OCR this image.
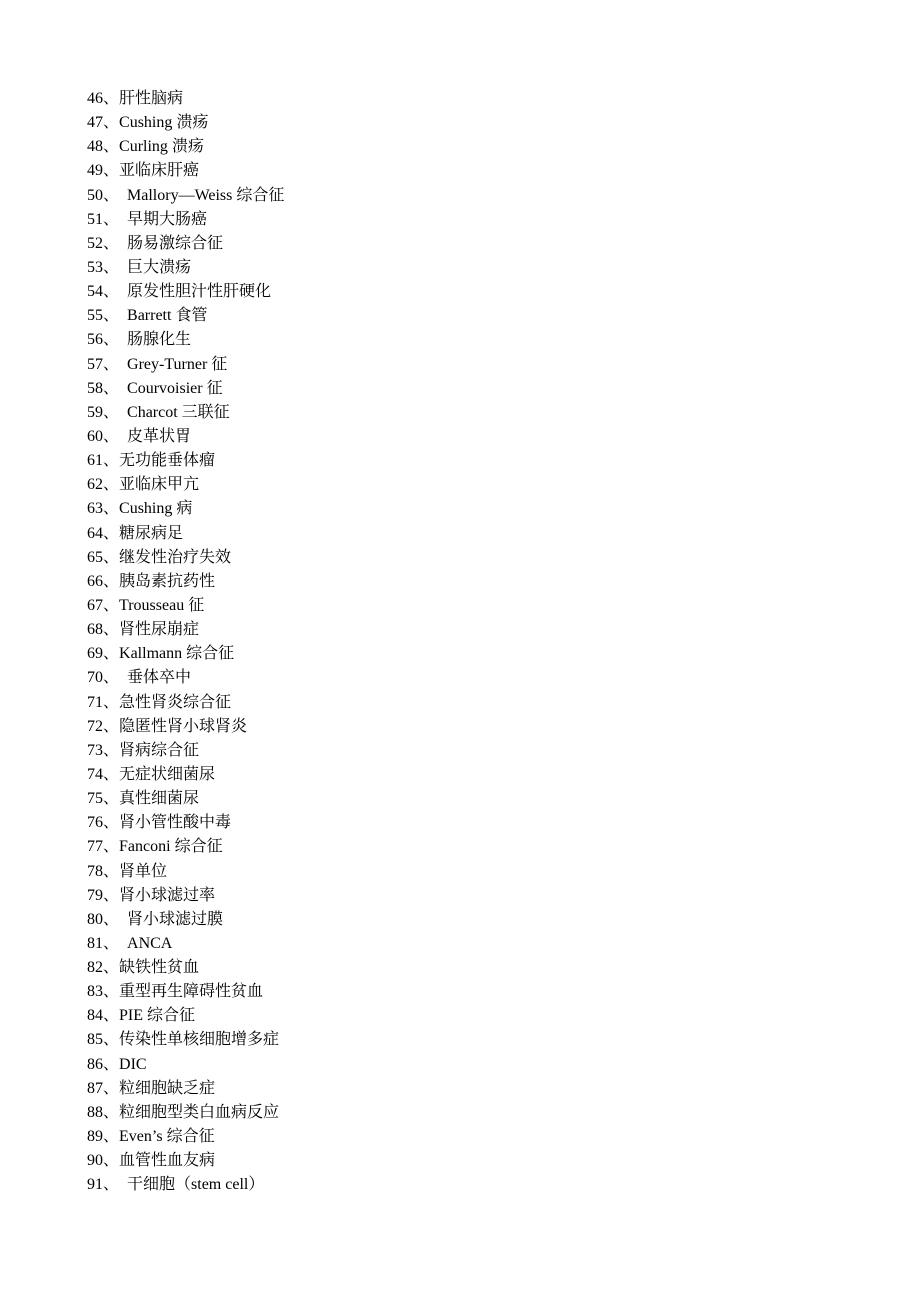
46、肝性脑病
47、Cushing 溃疡
48、Curling 溃疡
49、亚临床肝癌
50、 Mallory—Weiss 综合征
51、 早期大肠癌
52、 肠易激综合征
53、 巨大溃疡
54、 原发性胆汁性肝硬化
55、 Barrett 食管
56、 肠腺化生
57、 Grey-Turner 征
58、 Courvoisier 征
59、 Charcot 三联征
60、 皮革状胃
61、无功能垂体瘤
62、亚临床甲亢
63、Cushing 病
64、糖尿病足
65、继发性治疗失效
66、胰岛素抗药性
67、Trousseau 征
68、肾性尿崩症
69、Kallmann 综合征
70、 垂体卒中
71、急性肾炎综合征
72、隐匿性肾小球肾炎
73、肾病综合征
74、无症状细菌尿
75、真性细菌尿
76、肾小管性酸中毒
77、Fanconi 综合征
78、肾单位
79、肾小球滤过率
80、 肾小球滤过膜
81、 ANCA
82、缺铁性贫血
83、重型再生障碍性贫血
84、PIE 综合征
85、传染性单核细胞增多症
86、DIC
87、粒细胞缺乏症
88、粒细胞型类白血病反应
89、Even’s 综合征
90、血管性血友病
91、 干细胞（stem cell）
